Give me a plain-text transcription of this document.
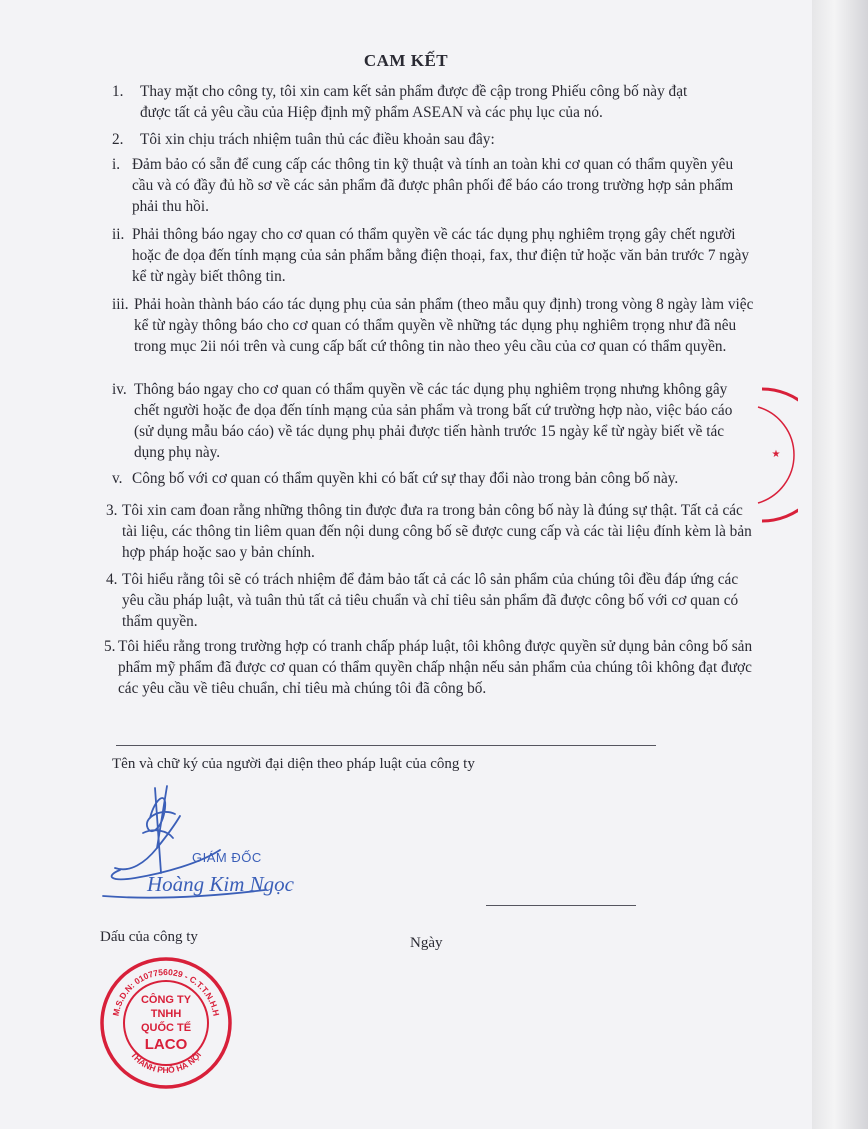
CAM KẾT
1.	Thay mặt cho công ty, tôi xin cam kết sản phẩm được đề cập trong Phiếu công bố này đạt được tất cả yêu cầu của Hiệp định mỹ phẩm ASEAN và các phụ lục của nó.
2.	Tôi xin chịu trách nhiệm tuân thủ các điều khoản sau đây:
i. Đảm bảo có sẵn để cung cấp các thông tin kỹ thuật và tính an toàn khi cơ quan có thẩm quyền yêu cầu và có đầy đủ hồ sơ về các sản phẩm đã được phân phối để báo cáo trong trường hợp sản phẩm phải thu hồi.
ii. Phải thông báo ngay cho cơ quan có thẩm quyền về các tác dụng phụ nghiêm trọng gây chết người hoặc đe dọa đến tính mạng của sản phẩm bằng điện thoại, fax, thư điện tử hoặc văn bản trước 7 ngày kể từ ngày biết thông tin.
iii. Phải hoàn thành báo cáo tác dụng phụ của sản phẩm (theo mẫu quy định) trong vòng 8 ngày làm việc kể từ ngày thông báo cho cơ quan có thẩm quyền về những tác dụng phụ nghiêm trọng như đã nêu trong mục 2ii nói trên và cung cấp bất cứ thông tin nào theo yêu cầu của cơ quan có thẩm quyền.
iv. Thông báo ngay cho cơ quan có thẩm quyền về các tác dụng phụ nghiêm trọng nhưng không gây chết người hoặc đe dọa đến tính mạng của sản phẩm và trong bất cứ trường hợp nào, việc báo cáo (sử dụng mẫu báo cáo) về tác dụng phụ phải được tiến hành trước 15 ngày kể từ ngày biết về tác dụng phụ này.
v. Công bố với cơ quan có thẩm quyền khi có bất cứ sự thay đổi nào trong bản công bố này.
3. Tôi xin cam đoan rằng những thông tin được đưa ra trong bản công bố này là đúng sự thật. Tất cả các tài liệu, các thông tin liêm quan đến nội dung công bố sẽ được cung cấp và các tài liệu đính kèm là bản hợp pháp hoặc sao y bản chính.
4. Tôi hiểu rằng tôi sẽ có trách nhiệm để đảm bảo tất cả các lô sản phẩm của chúng tôi đều đáp ứng các yêu cầu pháp luật, và tuân thủ tất cả tiêu chuẩn và chỉ tiêu sản phẩm đã được công bố với cơ quan có thẩm quyền.
5. Tôi hiểu rằng trong trường hợp có tranh chấp pháp luật, tôi không được quyền sử dụng bản công bố sản phẩm mỹ phẩm đã được cơ quan có thẩm quyền chấp nhận nếu sản phẩm của chúng tôi không đạt được các yêu cầu về tiêu chuẩn, chỉ tiêu mà chúng tôi đã công bố.
Tên và chữ ký của người đại diện theo pháp luật của công ty
GIÁM ĐỐC
Hoàng Kim Ngọc
Dấu của công ty	Ngày
M.S.D.N: 0107756029 - C.T.T.N.H.H
THÀNH PHỐ HÀ NỘI
CÔNG TY
TNHH
QUỐC TẾ
LACO
★
